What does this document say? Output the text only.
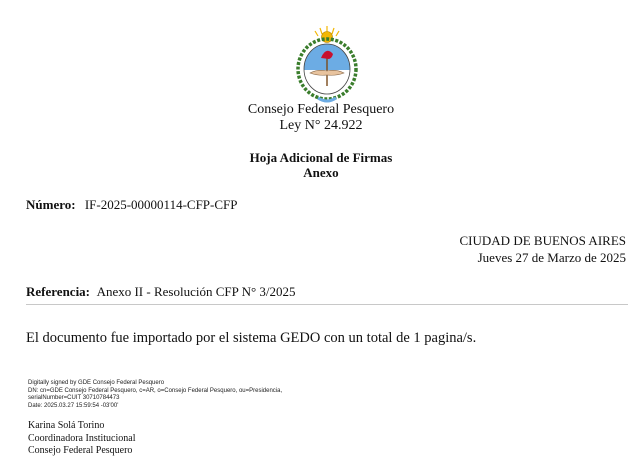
Consejo Federal Pesquero
Ley N° 24.922
Hoja Adicional de Firmas
Anexo
Número: IF-2025-00000114-CFP-CFP
CIUDAD DE BUENOS AIRES
Jueves 27 de Marzo de 2025
Referencia: Anexo II - Resolución CFP N° 3/2025
El documento fue importado por el sistema GEDO con un total de 1 pagina/s.
Digitally signed by GDE Consejo Federal Pesquero
DN: cn=GDE Consejo Federal Pesquero, c=AR, o=Consejo Federal Pesquero, ou=Presidencia,
serialNumber=CUIT 30710784473
Date: 2025.03.27 15:59:54 -03'00'
Karina Solá Torino
Coordinadora Institucional
Consejo Federal Pesquero
